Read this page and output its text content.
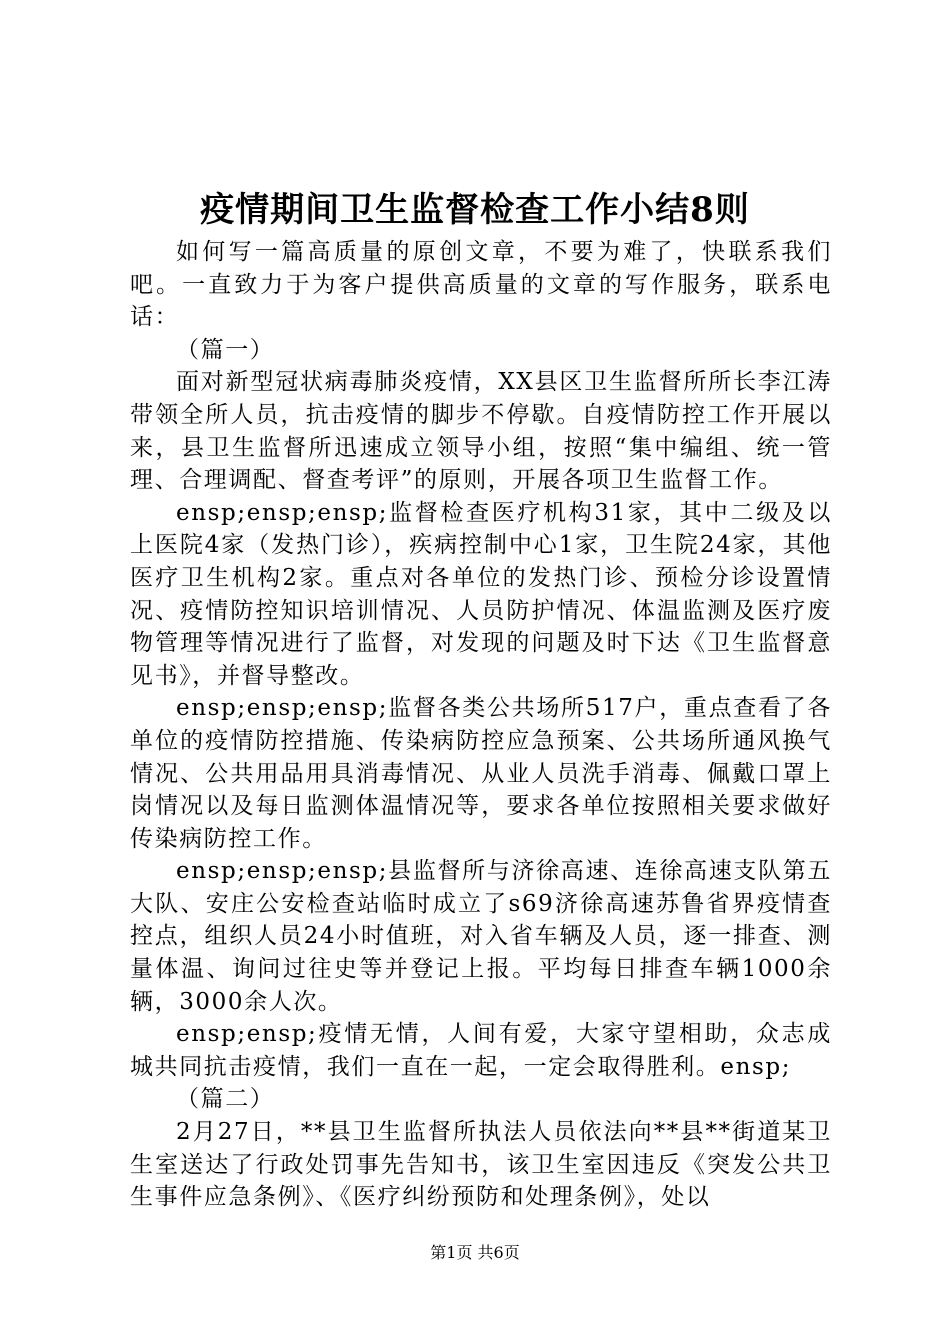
疫情期间卫生监督检查工作小结8则

如何写一篇高质量的原创文章，不要为难了，快联系我们吧。一直致力于为客户提供高质量的文章的写作服务，联系电话：

（篇一）

面对新型冠状病毒肺炎疫情，XX县区卫生监督所所长李江涛带领全所人员，抗击疫情的脚步不停歇。自疫情防控工作开展以来，县卫生监督所迅速成立领导小组，按照“集中编组、统一管理、合理调配、督查考评”的原则，开展各项卫生监督工作。

ensp;ensp;ensp;监督检查医疗机构31家，其中二级及以上医院4家（发热门诊），疾病控制中心1家，卫生院24家，其他医疗卫生机构2家。重点对各单位的发热门诊、预检分诊设置情况、疫情防控知识培训情况、人员防护情况、体温监测及医疗废物管理等情况进行了监督，对发现的问题及时下达《卫生监督意见书》，并督导整改。

ensp;ensp;ensp;监督各类公共场所517户，重点查看了各单位的疫情防控措施、传染病防控应急预案、公共场所通风换气情况、公共用品用具消毒情况、从业人员洗手消毒、佩戴口罩上岗情况以及每日监测体温情况等，要求各单位按照相关要求做好传染病防控工作。

ensp;ensp;ensp;县监督所与济徐高速、连徐高速支队第五大队、安庄公安检查站临时成立了s69济徐高速苏鲁省界疫情查控点，组织人员24小时值班，对入省车辆及人员，逐一排查、测量体温、询问过往史等并登记上报。平均每日排查车辆1000余辆，3000余人次。

ensp;ensp;疫情无情，人间有爱，大家守望相助，众志成城共同抗击疫情，我们一直在一起，一定会取得胜利。ensp;

（篇二）

2月27日，**县卫生监督所执法人员依法向**县**街道某卫生室送达了行政处罚事先告知书，该卫生室因违反《突发公共卫生事件应急条例》、《医疗纠纷预防和处理条例》，处以

第1页 共6页
